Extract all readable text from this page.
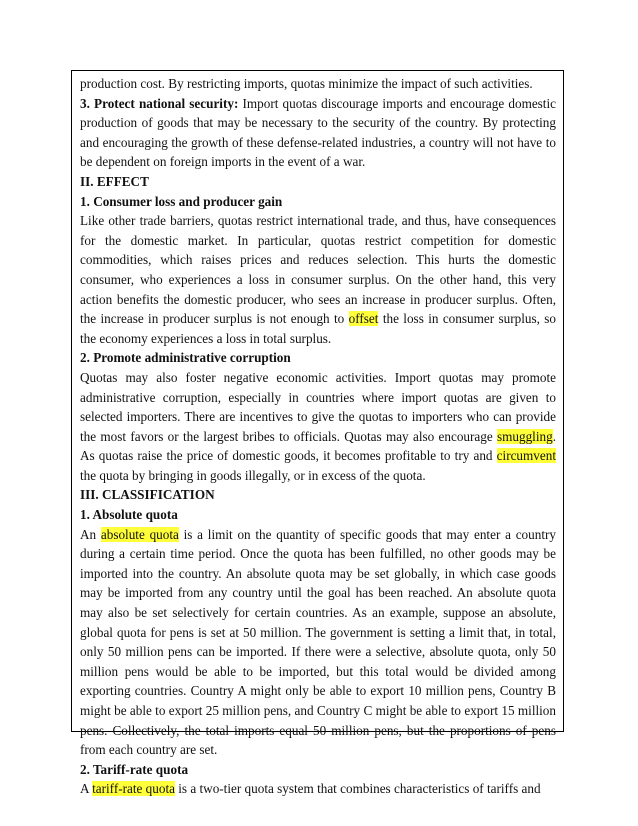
production cost. By restricting imports, quotas minimize the impact of such activities.

3. Protect national security: Import quotas discourage imports and encourage domestic production of goods that may be necessary to the security of the country. By protecting and encouraging the growth of these defense-related industries, a country will not have to be dependent on foreign imports in the event of a war.

II. EFFECT

1. Consumer loss and producer gain

Like other trade barriers, quotas restrict international trade, and thus, have consequences for the domestic market. In particular, quotas restrict competition for domestic commodities, which raises prices and reduces selection. This hurts the domestic consumer, who experiences a loss in consumer surplus. On the other hand, this very action benefits the domestic producer, who sees an increase in producer surplus. Often, the increase in producer surplus is not enough to offset the loss in consumer surplus, so the economy experiences a loss in total surplus.

2. Promote administrative corruption

Quotas may also foster negative economic activities. Import quotas may promote administrative corruption, especially in countries where import quotas are given to selected importers. There are incentives to give the quotas to importers who can provide the most favors or the largest bribes to officials. Quotas may also encourage smuggling. As quotas raise the price of domestic goods, it becomes profitable to try and circumvent the quota by bringing in goods illegally, or in excess of the quota.

III. CLASSIFICATION

1. Absolute quota

An absolute quota is a limit on the quantity of specific goods that may enter a country during a certain time period. Once the quota has been fulfilled, no other goods may be imported into the country. An absolute quota may be set globally, in which case goods may be imported from any country until the goal has been reached. An absolute quota may also be set selectively for certain countries. As an example, suppose an absolute, global quota for pens is set at 50 million. The government is setting a limit that, in total, only 50 million pens can be imported. If there were a selective, absolute quota, only 50 million pens would be able to be imported, but this total would be divided among exporting countries. Country A might only be able to export 10 million pens, Country B might be able to export 25 million pens, and Country C might be able to export 15 million pens. Collectively, the total imports equal 50 million pens, but the proportions of pens from each country are set.

2. Tariff-rate quota

A tariff-rate quota is a two-tier quota system that combines characteristics of tariffs and
